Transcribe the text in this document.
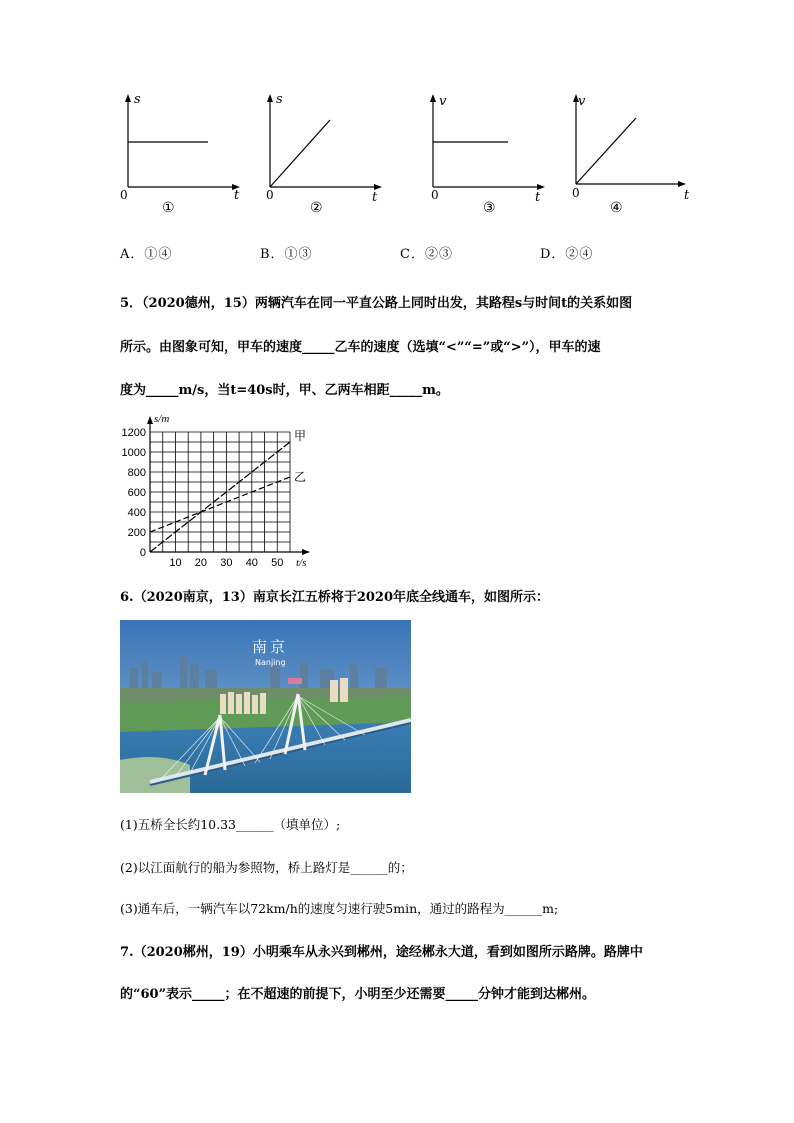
s
t
0
①
s
t
0
②
v
t
0
③
v
t
0
④
A．①④	B．①③	C．②③	D．②④
5．（2020德州，15）两辆汽车在同一平直公路上同时出发，其路程s与时间t的关系如图
所示。由图象可知，甲车的速度_____乙车的速度（选填“<”“=”或“>”），甲车的速
度为_____m/s，当t=40s时，甲、乙两车相距_____m。
0
200
400
600
800
1000
1200
10 20 30 40 50
s/m
t/s
甲
乙
6.（2020南京，13）南京长江五桥将于2020年底全线通车，如图所示：
南京
Nanjing
(1)五桥全长约10.33______（填单位）;
(2)以江面航行的船为参照物，桥上路灯是______的；
(3)通车后，一辆汽车以72km/h的速度匀速行驶5min，通过的路程为______m;
7.（2020郴州，19）小明乘车从永兴到郴州，途经郴永大道，看到如图所示路牌。路牌中
的“60”表示_____；在不超速的前提下，小明至少还需要_____分钟才能到达郴州。
